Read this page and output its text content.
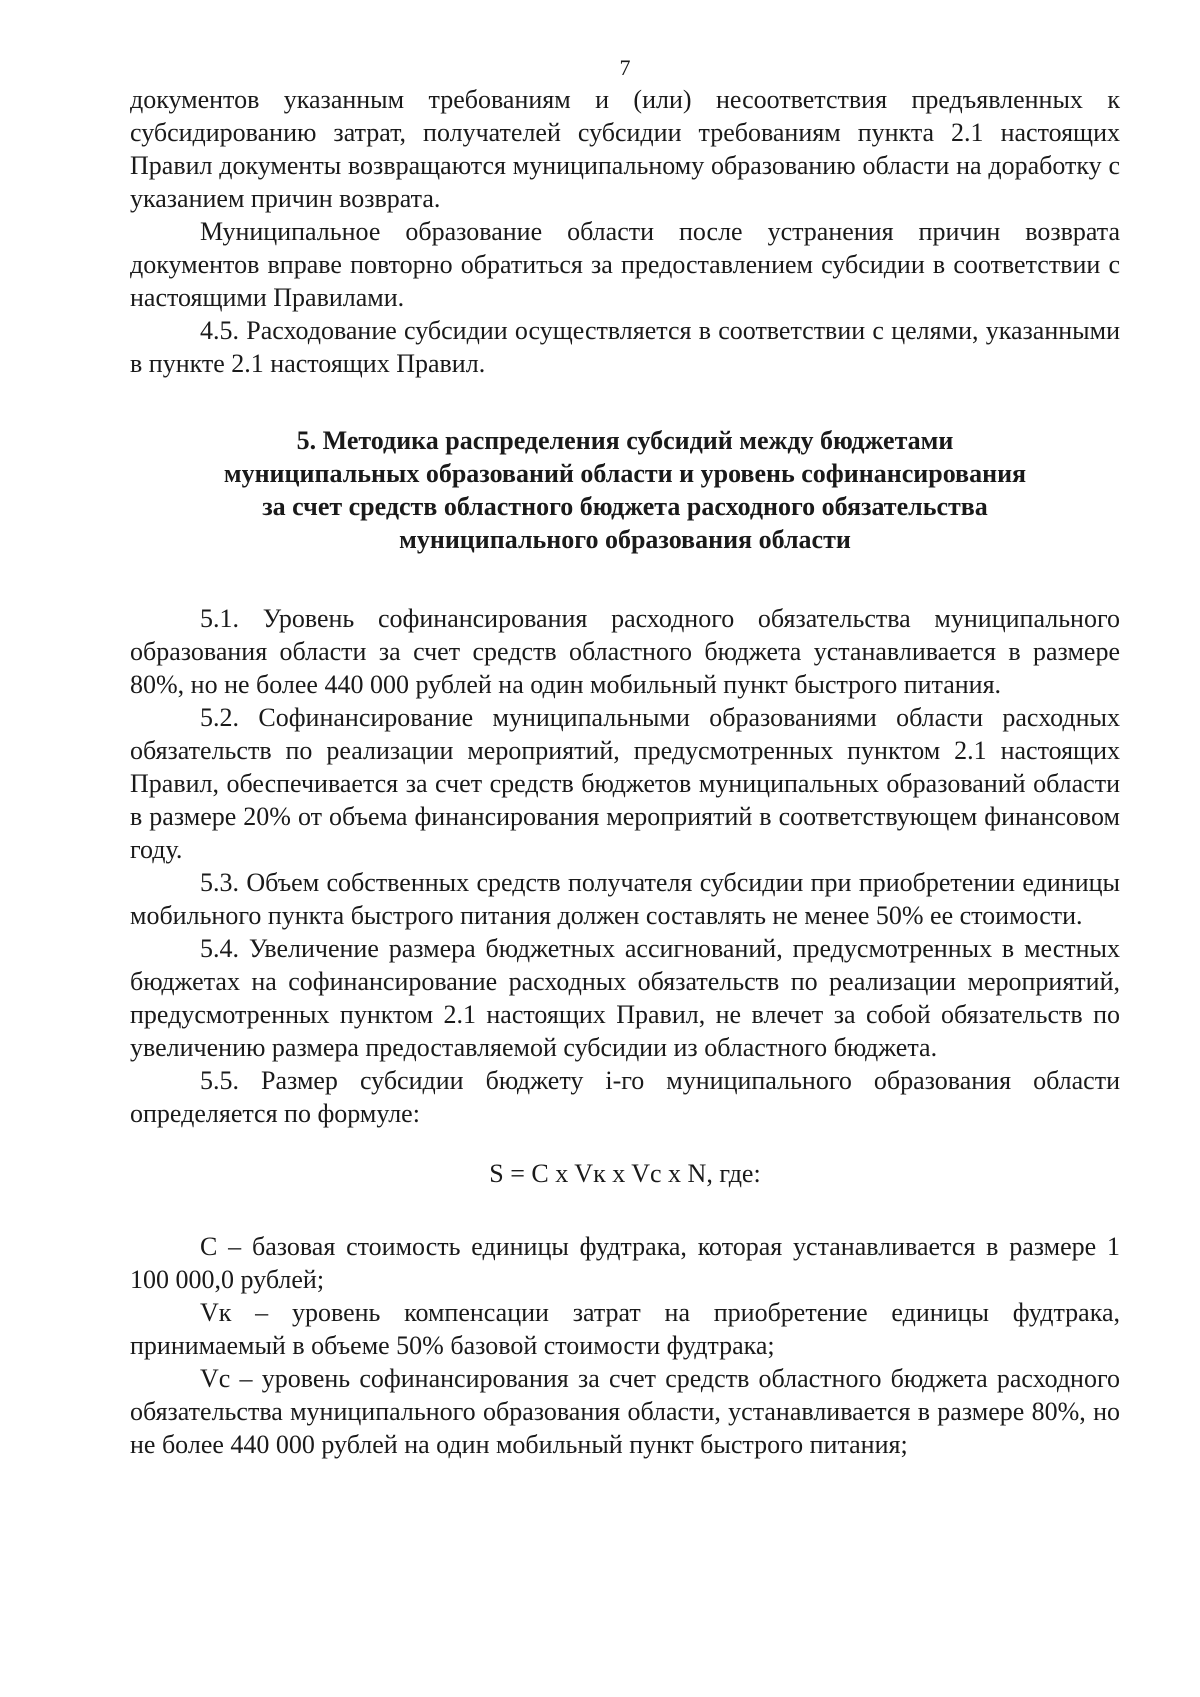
7

документов указанным требованиям и (или) несоответствия предъявленных к субсидированию затрат, получателей субсидии требованиям пункта 2.1 настоящих Правил документы возвращаются муниципальному образованию области на доработку с указанием причин возврата.

Муниципальное образование области после устранения причин возврата документов вправе повторно обратиться за предоставлением субсидии в соответствии с настоящими Правилами.

4.5. Расходование субсидии осуществляется в соответствии с целями, указанными в пункте 2.1 настоящих Правил.

5. Методика распределения субсидий между бюджетами
муниципальных образований области и уровень софинансирования
за счет средств областного бюджета расходного обязательства
муниципального образования области

5.1. Уровень софинансирования расходного обязательства муниципального образования области за счет средств областного бюджета устанавливается в размере 80%, но не более 440 000 рублей на один мобильный пункт быстрого питания.

5.2. Софинансирование муниципальными образованиями области расходных обязательств по реализации мероприятий, предусмотренных пунктом 2.1 настоящих Правил, обеспечивается за счет средств бюджетов муниципальных образований области в размере 20% от объема финансирования мероприятий в соответствующем финансовом году.

5.3. Объем собственных средств получателя субсидии при приобретении единицы мобильного пункта быстрого питания должен составлять не менее 50% ее стоимости.

5.4. Увеличение размера бюджетных ассигнований, предусмотренных в местных бюджетах на софинансирование расходных обязательств по реализации мероприятий, предусмотренных пунктом 2.1 настоящих Правил, не влечет за собой обязательств по увеличению размера предоставляемой субсидии из областного бюджета.

5.5. Размер субсидии бюджету i-го муниципального образования области определяется по формуле:

S = C x Vк x Vc x N, где:

С – базовая стоимость единицы фудтрака, которая устанавливается в размере 1 100 000,0 рублей;

Vк – уровень компенсации затрат на приобретение единицы фудтрака, принимаемый в объеме 50% базовой стоимости фудтрака;

Vc – уровень софинансирования за счет средств областного бюджета расходного обязательства муниципального образования области, устанавливается в размере 80%, но не более 440 000 рублей на один мобильный пункт быстрого питания;
